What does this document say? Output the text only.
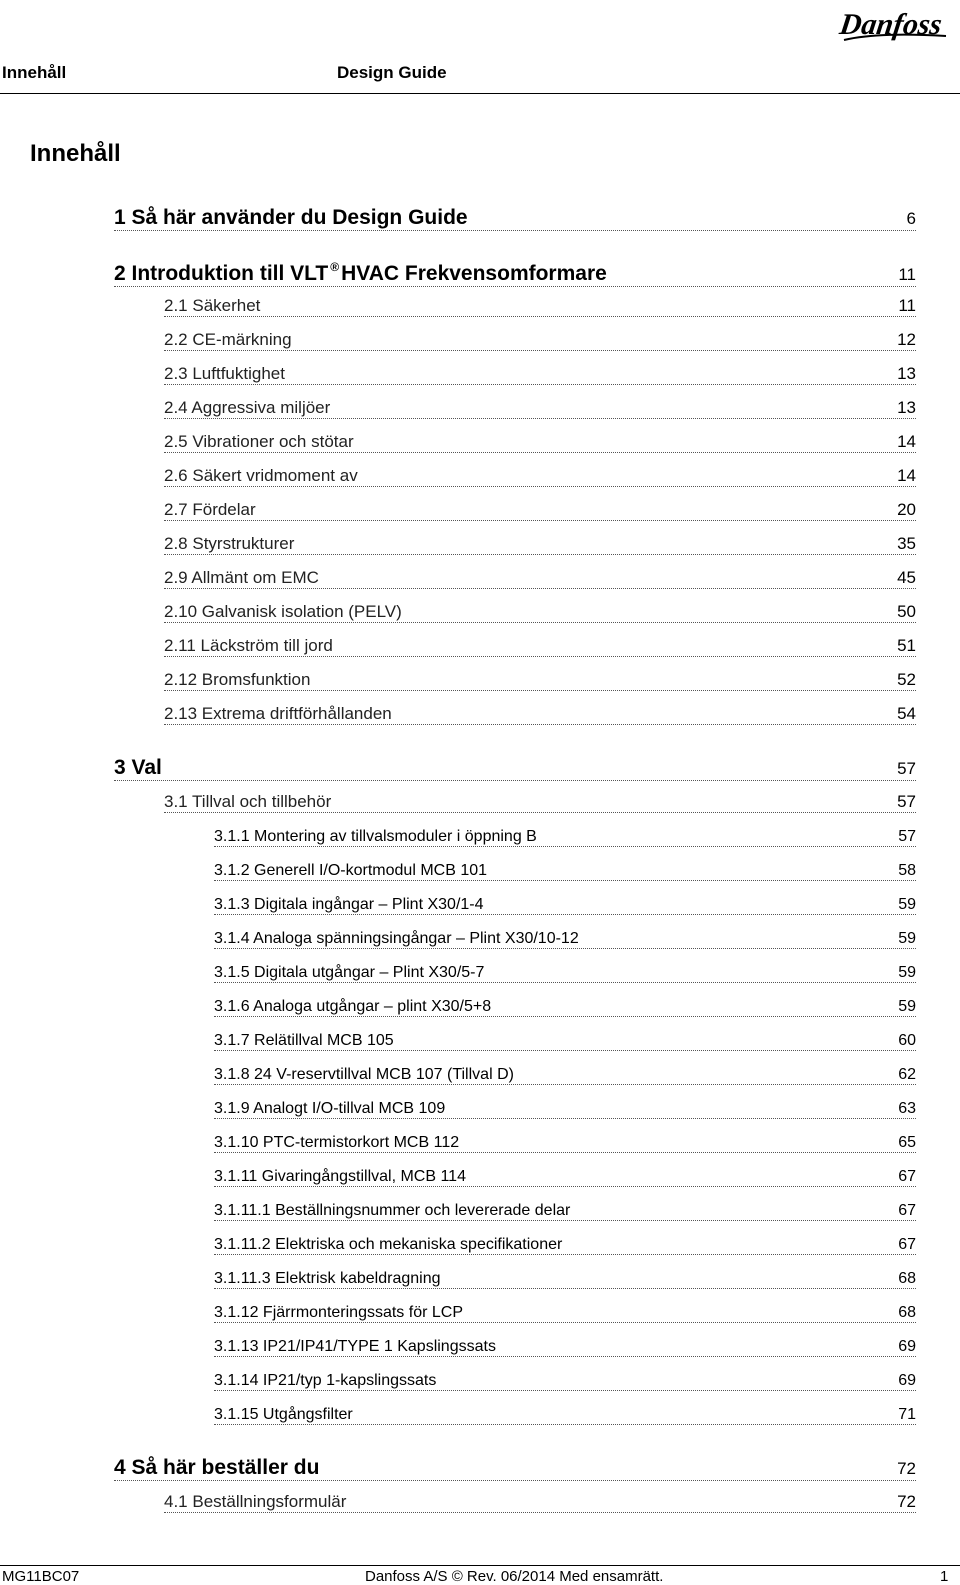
Danfoss
Innehåll	Design Guide
Innehåll
1 Så här använder du Design Guide	6
2 Introduktion till VLT ®HVAC Frekvensomformare	11
2.1 Säkerhet	11
2.2 CE-märkning	12
2.3 Luftfuktighet	13
2.4 Aggressiva miljöer	13
2.5 Vibrationer och stötar	14
2.6 Säkert vridmoment av	14
2.7 Fördelar	20
2.8 Styrstrukturer	35
2.9 Allmänt om EMC	45
2.10 Galvanisk isolation (PELV)	50
2.11 Läckström till jord	51
2.12 Bromsfunktion	52
2.13 Extrema driftförhållanden	54
3 Val	57
3.1 Tillval och tillbehör	57
3.1.1 Montering av tillvalsmoduler i öppning B	57
3.1.2 Generell I/O-kortmodul MCB 101	58
3.1.3 Digitala ingångar – Plint X30/1-4	59
3.1.4 Analoga spänningsingångar – Plint X30/10-12	59
3.1.5 Digitala utgångar – Plint X30/5-7	59
3.1.6 Analoga utgångar – plint X30/5+8	59
3.1.7 Relätillval MCB 105	60
3.1.8 24 V-reservtillval MCB 107 (Tillval D)	62
3.1.9 Analogt I/O-tillval MCB 109	63
3.1.10 PTC-termistorkort MCB 112	65
3.1.11 Givaringångstillval, MCB 114	67
3.1.11.1 Beställningsnummer och levererade delar	67
3.1.11.2 Elektriska och mekaniska specifikationer	67
3.1.11.3 Elektrisk kabeldragning	68
3.1.12 Fjärrmonteringssats för LCP	68
3.1.13 IP21/IP41/TYPE 1 Kapslingssats	69
3.1.14 IP21/typ 1-kapslingssats	69
3.1.15 Utgångsfilter	71
4 Så här beställer du	72
4.1 Beställningsformulär	72
MG11BC07	Danfoss A/S © Rev. 06/2014 Med ensamrätt.	1
